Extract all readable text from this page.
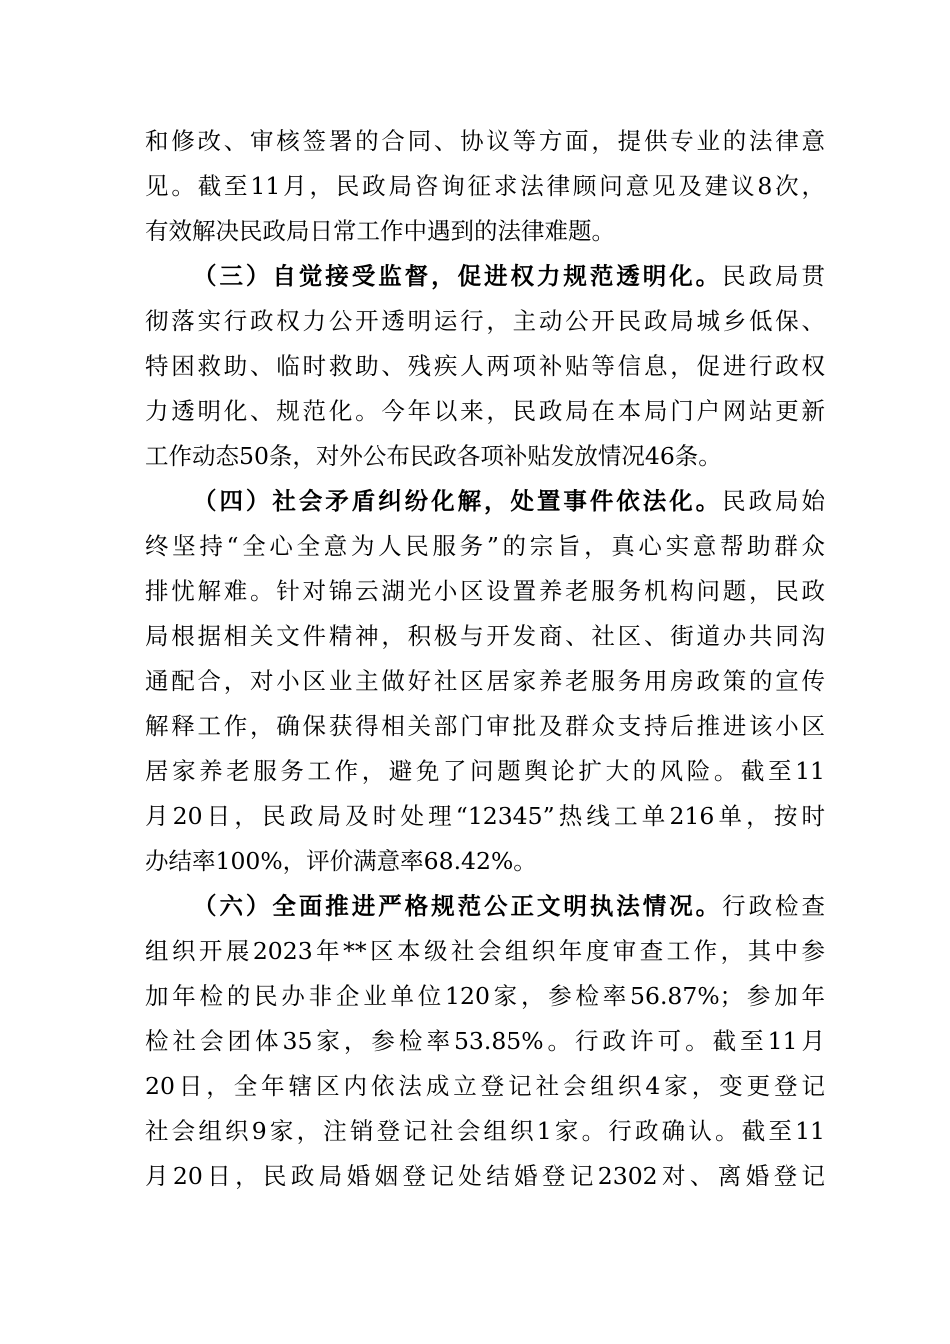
和修改、审核签署的合同、协议等方面，提供专业的法律意
见。截至11月，民政局咨询征求法律顾问意见及建议8次，
有效解决民政局日常工作中遇到的法律难题。
（三）自觉接受监督，促进权力规范透明化。民政局贯
彻落实行政权力公开透明运行，主动公开民政局城乡低保、
特困救助、临时救助、残疾人两项补贴等信息，促进行政权
力透明化、规范化。今年以来，民政局在本局门户网站更新
工作动态50条，对外公布民政各项补贴发放情况46条。
（四）社会矛盾纠纷化解，处置事件依法化。民政局始
终坚持“全心全意为人民服务”的宗旨，真心实意帮助群众
排忧解难。针对锦云湖光小区设置养老服务机构问题，民政
局根据相关文件精神，积极与开发商、社区、街道办共同沟
通配合，对小区业主做好社区居家养老服务用房政策的宣传
解释工作，确保获得相关部门审批及群众支持后推进该小区
居家养老服务工作，避免了问题舆论扩大的风险。截至11
月20日，民政局及时处理“12345”热线工单216单，按时
办结率100%，评价满意率68.42%。
（六）全面推进严格规范公正文明执法情况。行政检查
组织开展2023年**区本级社会组织年度审查工作，其中参
加年检的民办非企业单位120家，参检率56.87%；参加年
检社会团体35家，参检率53.85%。行政许可。截至11月
20日，全年辖区内依法成立登记社会组织4家，变更登记
社会组织9家，注销登记社会组织1家。行政确认。截至11
月20日，民政局婚姻登记处结婚登记2302对、离婚登记
